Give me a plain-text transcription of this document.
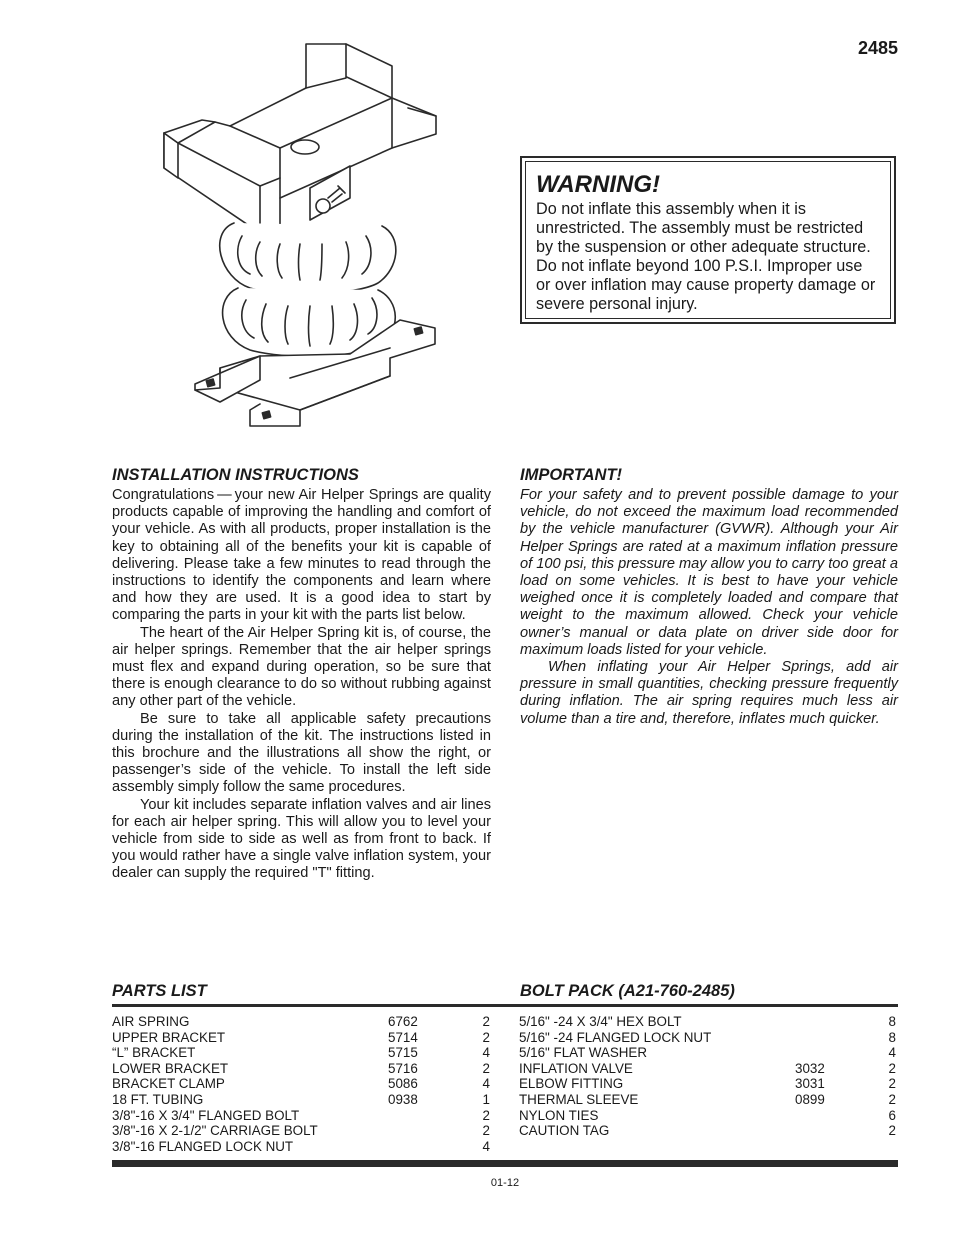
2485
WARNING!
Do not inflate this assembly when it is unrestricted. The assembly must be restricted by the suspension or other adequate structure. Do not inflate beyond 100 P.S.I. Improper use or over inflation may cause property damage or severe personal injury.
INSTALLATION INSTRUCTIONS

Congratulations — your new Air Helper Springs are quality products capable of improving the handling and comfort of your vehicle. As with all products, proper installation is the key to obtaining all of the benefits your kit is capable of delivering. Please take a few minutes to read through the instructions to identify the components and learn where and how they are used. It is a good idea to start by comparing the parts in your kit with the parts list below.

The heart of the Air Helper Spring kit is, of course, the air helper springs. Remember that the air helper springs must flex and expand during operation, so be sure that there is enough clearance to do so without rubbing against any other part of the vehicle.

Be sure to take all applicable safety precautions during the installation of the kit. The instructions listed in this brochure and the illustrations all show the right, or passenger’s side of the vehicle. To install the left side assembly simply follow the same procedures.

Your kit includes separate inflation valves and air lines for each air helper spring. This will allow you to level your vehicle from side to side as well as from front to back. If you would rather have a single valve inflation system, your dealer can supply the required "T" fitting.

IMPORTANT!

For your safety and to prevent possible damage to your vehicle, do not exceed the maximum load recommended by the vehicle manufacturer (GVWR). Although your Air Helper Springs are rated at a maximum inflation pressure of 100 psi, this pressure may allow you to carry too great a load on some vehicles. It is best to have your vehicle weighed once it is completely loaded and compare that weight to the maximum allowed. Check your vehicle owner’s manual or data plate on driver side door for maximum loads listed for your vehicle.

When inflating your Air Helper Springs, add air pressure in small quantities, checking pressure frequently during inflation. The air spring requires much less air volume than a tire and, therefore, inflates much quicker.

PARTS LIST	BOLT PACK (A21-760-2485)
AIR SPRING	6762	2
UPPER BRACKET	5714	2
“L” BRACKET	5715	4
LOWER BRACKET	5716	2
BRACKET CLAMP	5086	4
18 FT. TUBING	0938	1
3/8"-16 X 3/4" FLANGED BOLT	2
3/8"-16 X 2-1/2" CARRIAGE BOLT	2
3/8"-16 FLANGED LOCK NUT	4
5/16" -24 X 3/4" HEX BOLT	8
5/16" -24 FLANGED LOCK NUT	8
5/16" FLAT WASHER	4
INFLATION VALVE	3032	2
ELBOW FITTING	3031	2
THERMAL SLEEVE	0899	2
NYLON TIES	6
CAUTION TAG	2
01-12
